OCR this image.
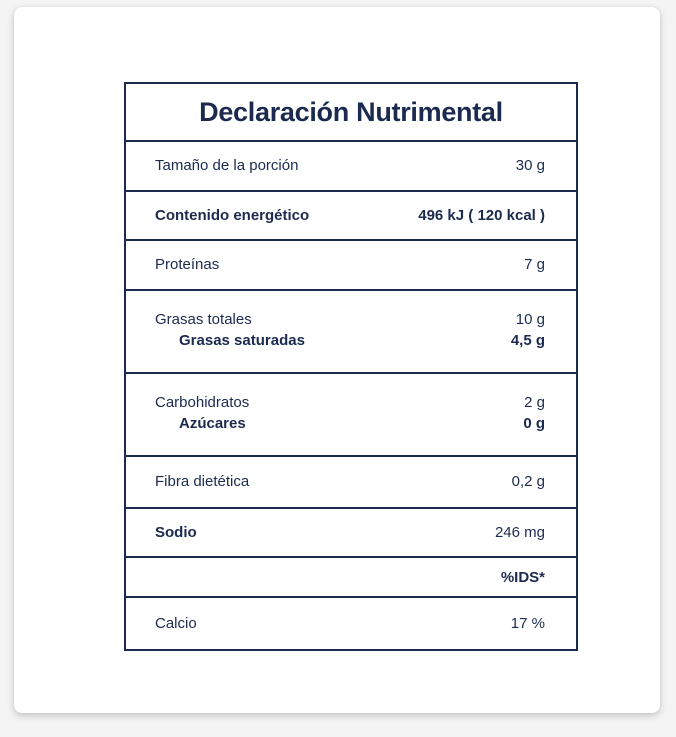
Declaración Nutrimental
Tamaño de la porción	30 g
Contenido energético	496 kJ ( 120 kcal )
Proteínas	7 g
Grasas totales	10 g
Grasas saturadas	4,5 g
Carbohidratos	2 g
Azúcares	0 g
Fibra dietética	0,2 g
Sodio	246 mg
%IDS*
Calcio	17 %
